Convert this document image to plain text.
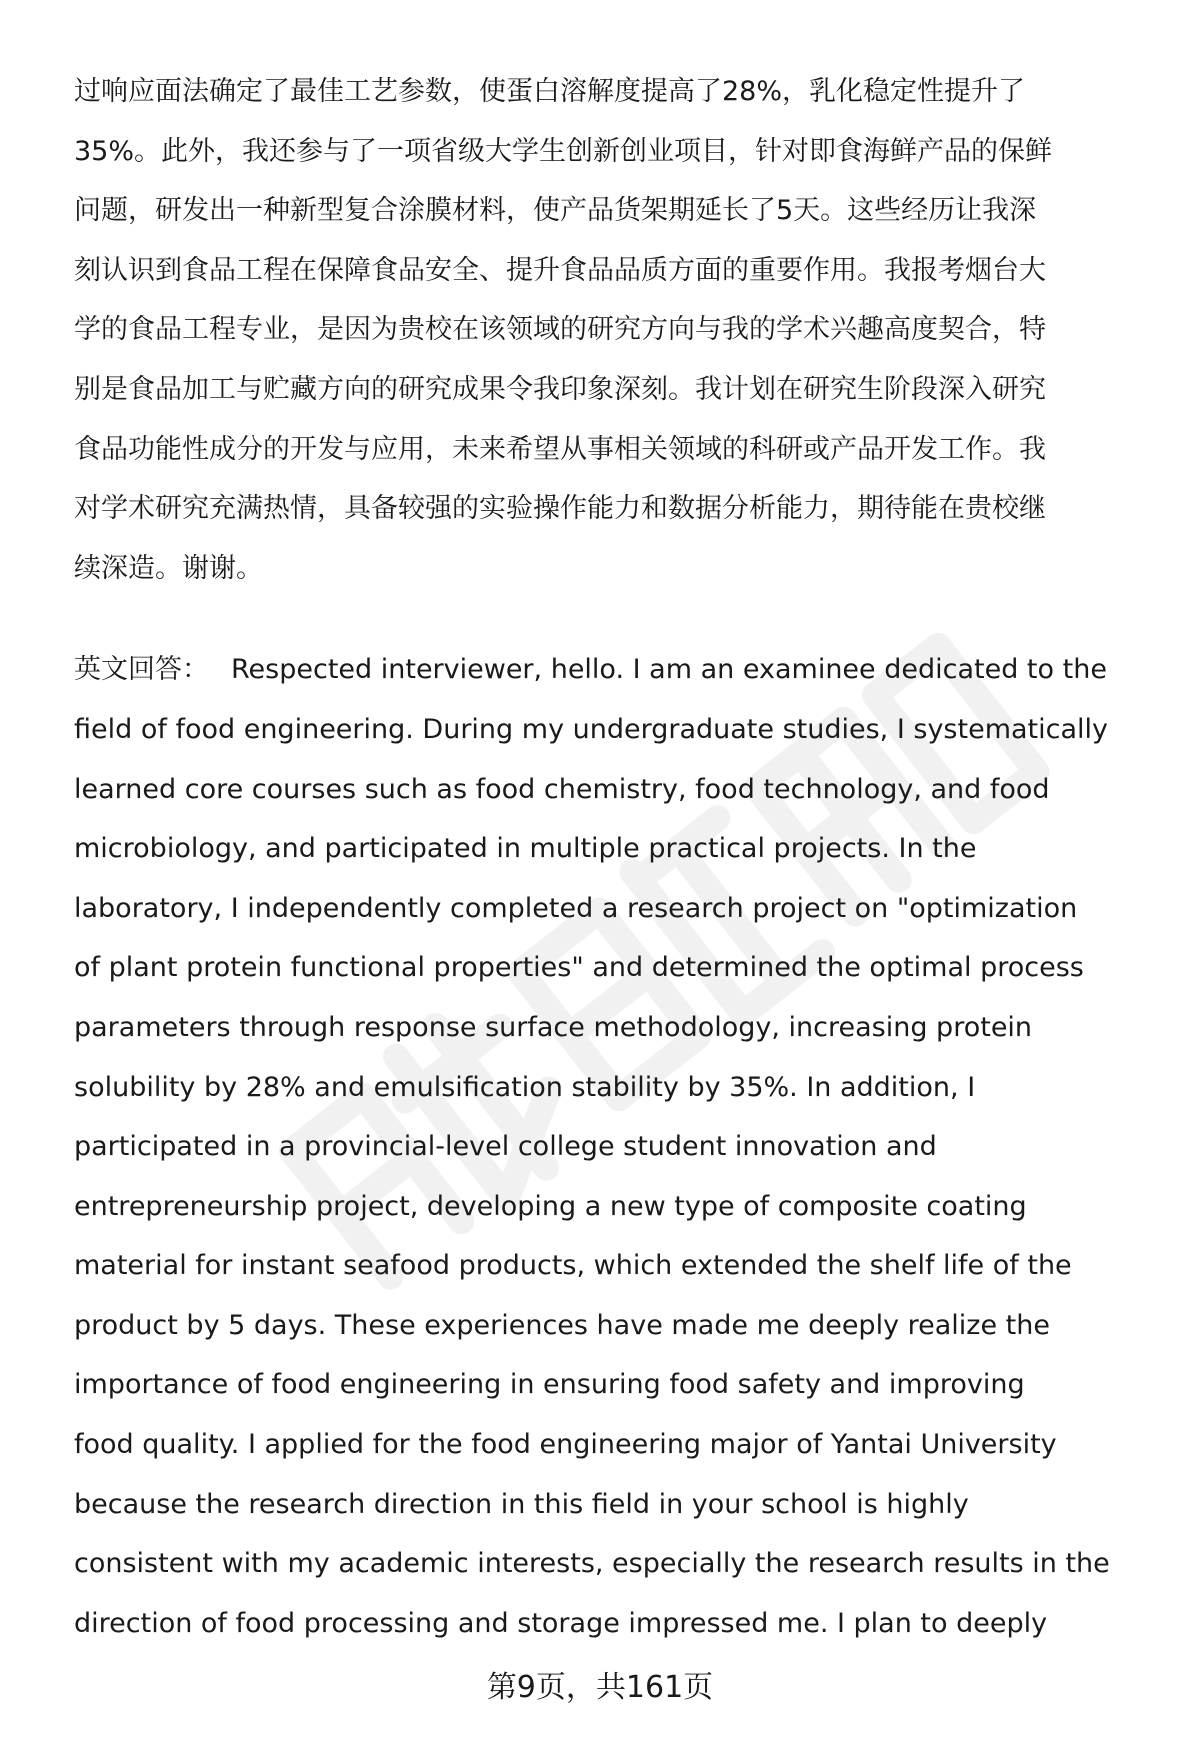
过响应面法确定了最佳工艺参数，使蛋白溶解度提高了28%，乳化稳定性提升了
35%。此外，我还参与了一项省级大学生创新创业项目，针对即食海鲜产品的保鲜
问题，研发出一种新型复合涂膜材料，使产品货架期延长了5天。这些经历让我深
刻认识到食品工程在保障食品安全、提升食品品质方面的重要作用。我报考烟台大
学的食品工程专业，是因为贵校在该领域的研究方向与我的学术兴趣高度契合，特
别是食品加工与贮藏方向的研究成果令我印象深刻。我计划在研究生阶段深入研究
食品功能性成分的开发与应用，未来希望从事相关领域的科研或产品开发工作。我
对学术研究充满热情，具备较强的实验操作能力和数据分析能力，期待能在贵校继
续深造。谢谢。
英文回答： Respected interviewer, hello. I am an examinee dedicated to the
field of food engineering. During my undergraduate studies, I systematically
learned core courses such as food chemistry, food technology, and food
microbiology, and participated in multiple practical projects. In the
laboratory, I independently completed a research project on "optimization
of plant protein functional properties" and determined the optimal process
parameters through response surface methodology, increasing protein
solubility by 28% and emulsification stability by 35%. In addition, I
participated in a provincial-level college student innovation and
entrepreneurship project, developing a new type of composite coating
material for instant seafood products, which extended the shelf life of the
product by 5 days. These experiences have made me deeply realize the
importance of food engineering in ensuring food safety and improving
food quality. I applied for the food engineering major of Yantai University
because the research direction in this field in your school is highly
consistent with my academic interests, especially the research results in the
direction of food processing and storage impressed me. I plan to deeply
第9页，共161页
